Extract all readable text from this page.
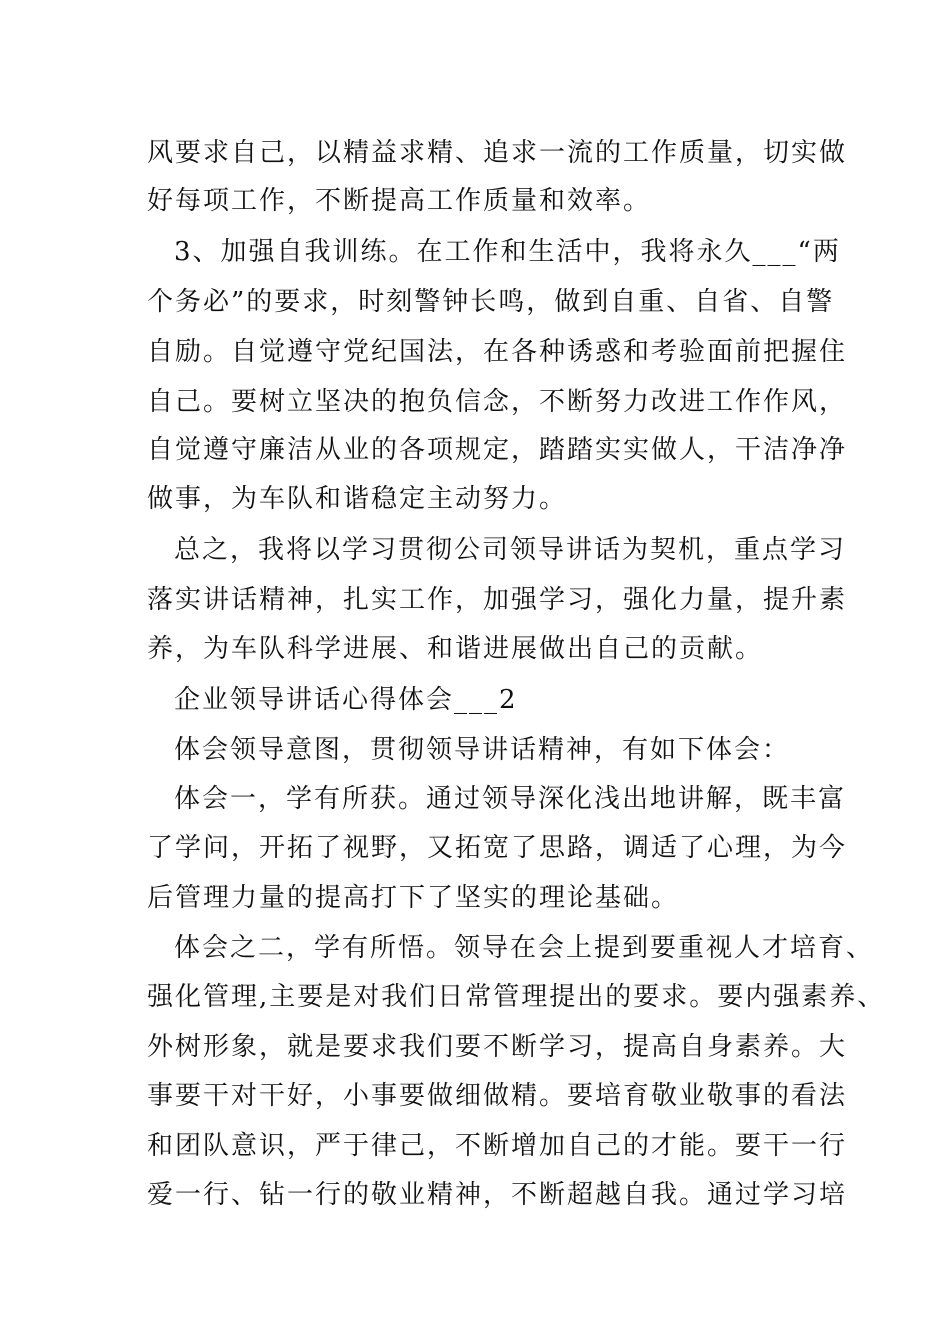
风要求自己，以精益求精、追求一流的工作质量，切实做
好每项工作，不断提高工作质量和效率。
3、加强自我训练。在工作和生活中，我将永久___“两
个务必”的要求，时刻警钟长鸣，做到自重、自省、自警
自励。自觉遵守党纪国法，在各种诱惑和考验面前把握住
自己。要树立坚决的抱负信念，不断努力改进工作作风，
自觉遵守廉洁从业的各项规定，踏踏实实做人，干洁净净
做事，为车队和谐稳定主动努力。
总之，我将以学习贯彻公司领导讲话为契机，重点学习
落实讲话精神，扎实工作，加强学习，强化力量，提升素
养，为车队科学进展、和谐进展做出自己的贡献。
企业领导讲话心得体会___2
体会领导意图，贯彻领导讲话精神，有如下体会：
体会一，学有所获。通过领导深化浅出地讲解，既丰富
了学问，开拓了视野，又拓宽了思路，调适了心理，为今
后管理力量的提高打下了坚实的理论基础。
体会之二，学有所悟。领导在会上提到要重视人才培育、
强化管理,主要是对我们日常管理提出的要求。要内强素养、
外树形象，就是要求我们要不断学习，提高自身素养。大
事要干对干好，小事要做细做精。要培育敬业敬事的看法
和团队意识，严于律己，不断增加自己的才能。要干一行
爱一行、钻一行的敬业精神，不断超越自我。通过学习培
